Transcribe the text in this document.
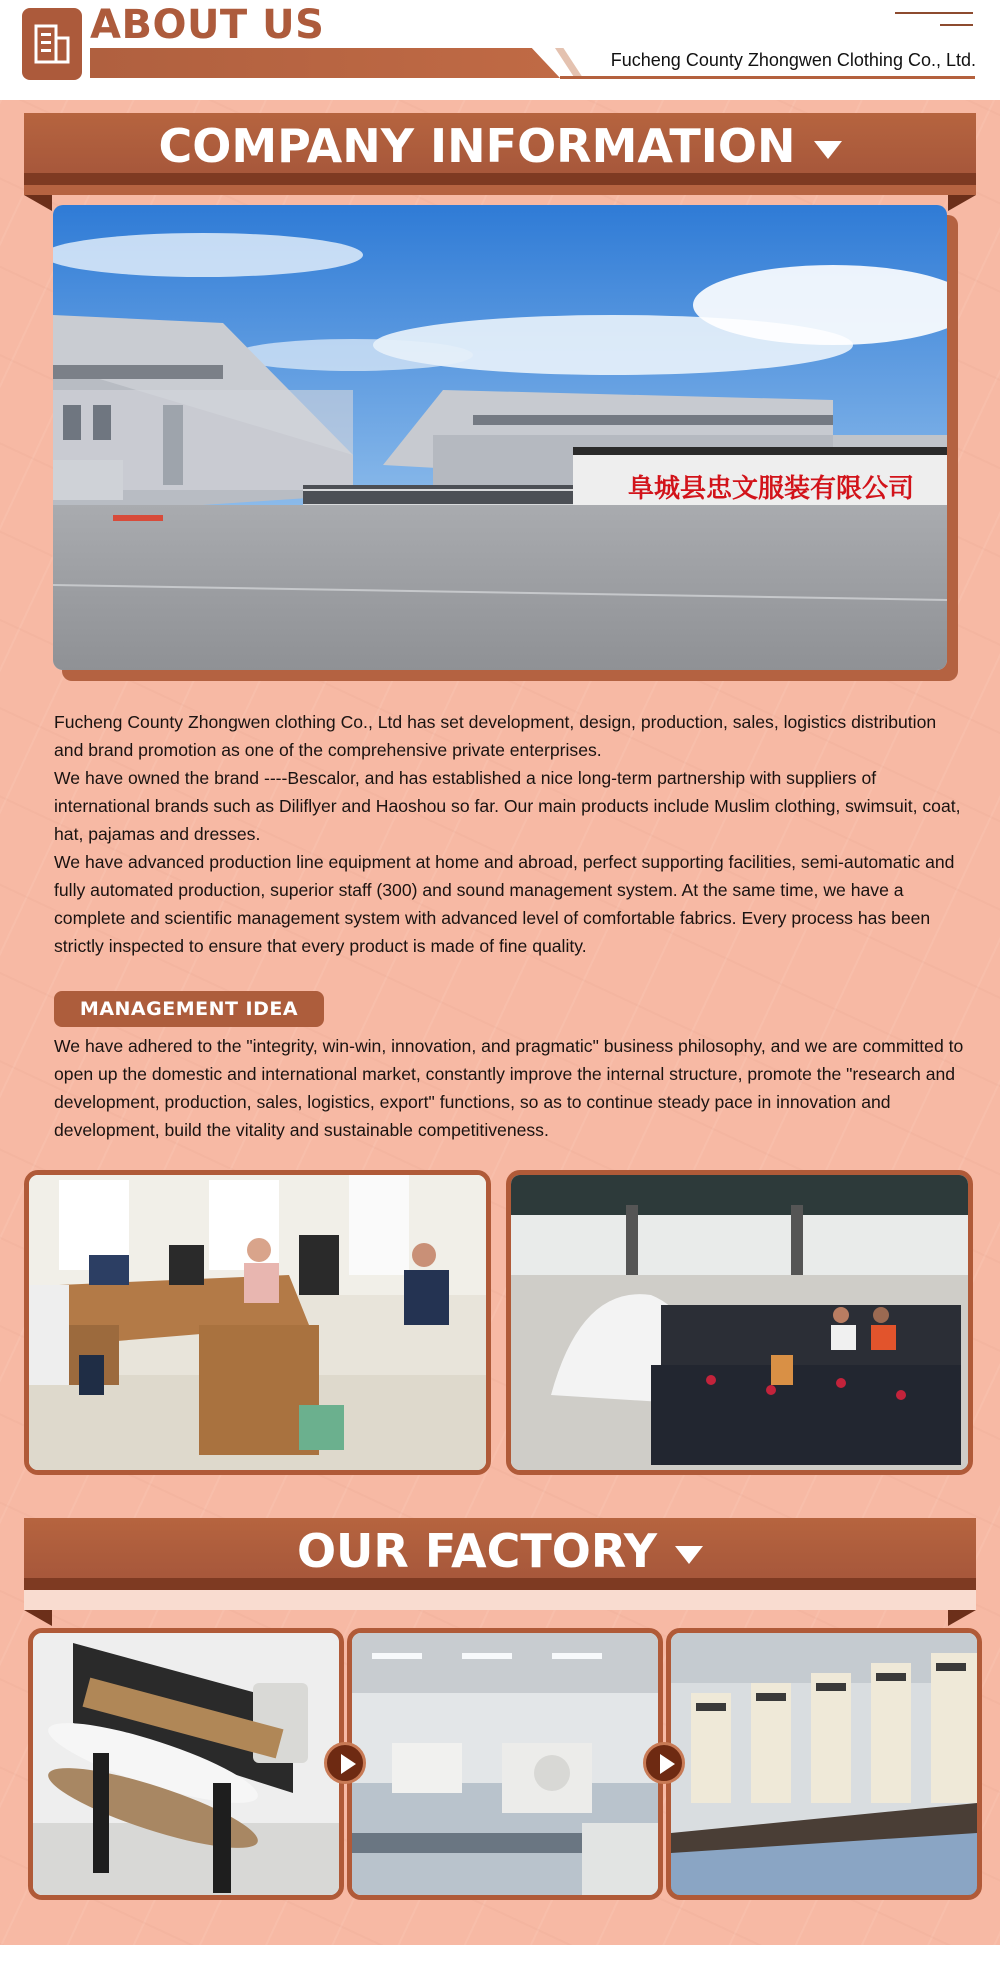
ABOUT US
Fucheng County Zhongwen Clothing Co., Ltd.
COMPANY INFORMATION
阜城县忠文服装有限公司

Fucheng County Zhongwen clothing Co., Ltd has set development, design, production, sales, logistics distribution and brand promotion as one of the comprehensive private enterprises.

We have owned the brand ----Bescalor, and has established a nice long-term partnership with suppliers of international brands such as Diliflyer and Haoshou so far. Our main products include Muslim clothing, swimsuit, coat, hat, pajamas and dresses.

We have advanced production line equipment at home and abroad, perfect supporting facilities, semi-automatic and fully automated production, superior staff (300) and sound management system. At the same time, we have a complete and scientific management system with advanced level of comfortable fabrics. Every process has been strictly inspected to ensure that every product is made of fine quality.

MANAGEMENT IDEA
We have adhered to the "integrity, win-win, innovation, and pragmatic" business philosophy, and we are committed to open up the domestic and international market, constantly improve the internal structure, promote the "research and development, production, sales, logistics, export" functions, so as to continue steady pace in innovation and development, build the vitality and sustainable competitiveness.
OUR FACTORY
